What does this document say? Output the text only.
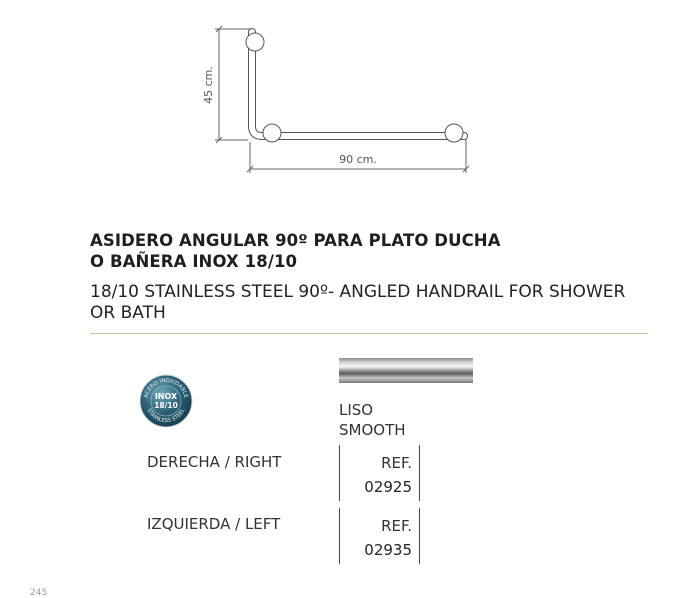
45 cm.
90 cm.
ASIDERO ANGULAR 90º PARA PLATO DUCHA
O BAÑERA INOX 18/10
18/10 STAINLESS STEEL 90º- ANGLED HANDRAIL FOR SHOWER
OR BATH
ACERO INOXIDABLE
STAINLESS STEEL
INOX
18/10	LISO
SMOOTH
DERECHA / RIGHT	REF.
02925
IZQUIERDA / LEFT	REF.
02935
245
